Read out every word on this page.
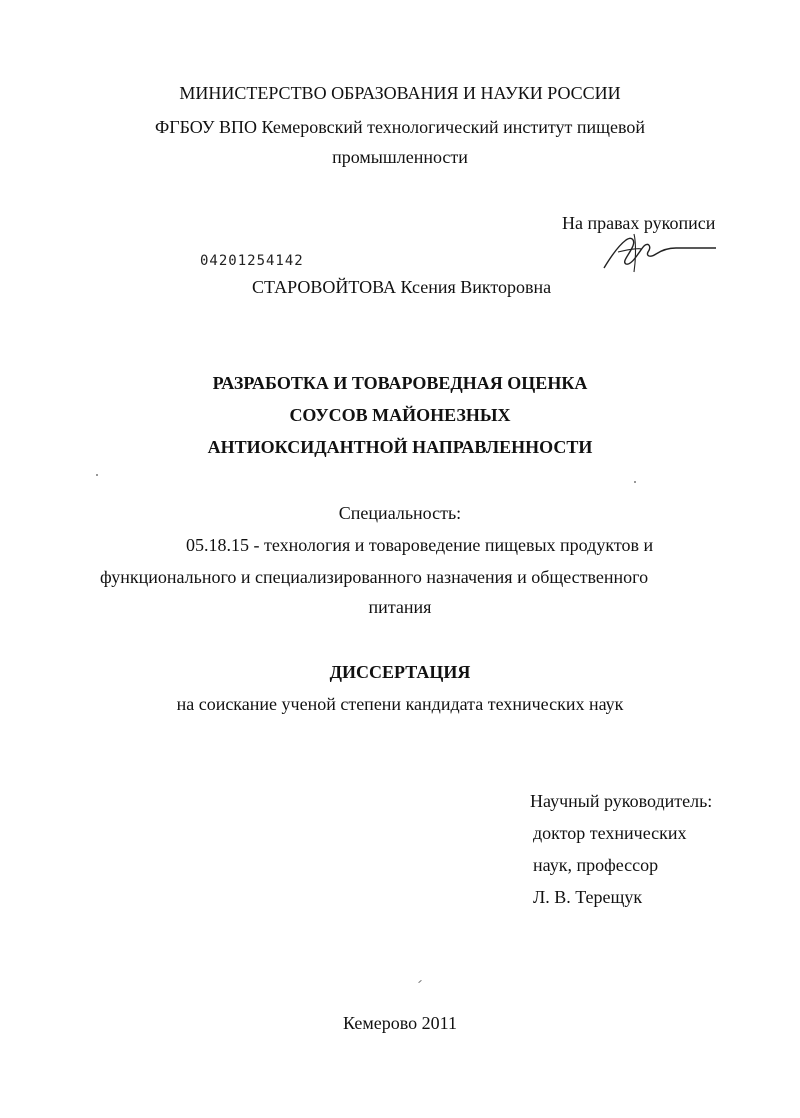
МИНИСТЕРСТВО ОБРАЗОВАНИЯ И НАУКИ РОССИИ
ФГБОУ ВПО Кемеровский технологический институт пищевой
промышленности
На правах рукописи
04201254142
СТАРОВОЙТОВА Ксения Викторовна
РАЗРАБОТКА И ТОВАРОВЕДНАЯ ОЦЕНКА
СОУСОВ МАЙОНЕЗНЫХ
АНТИОКСИДАНТНОЙ НАПРАВЛЕННОСТИ
Специальность:
05.18.15 - технология и товароведение пищевых продуктов и
функционального и специализированного назначения и общественного
питания
ДИССЕРТАЦИЯ
на соискание ученой степени кандидата технических наук
Научный руководитель:
доктор технических
наук, профессор
Л. В. Терещук
Кемерово 2011
